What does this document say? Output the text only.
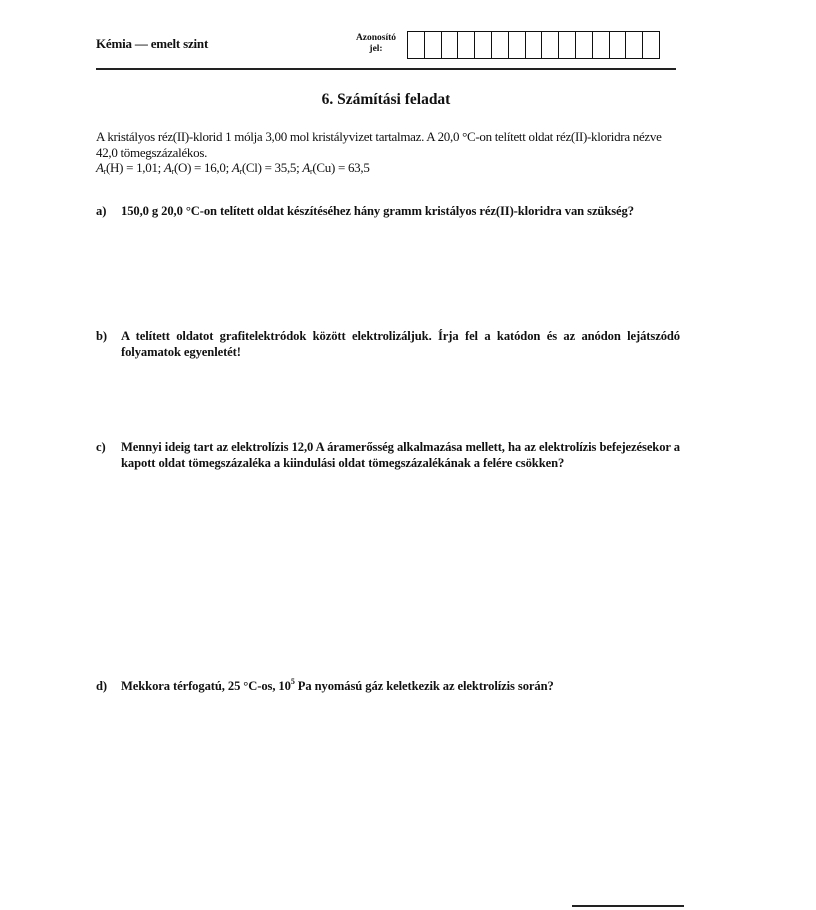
Kémia — emelt szint	Azonosító
jel:
6. Számítási feladat
A kristályos réz(II)-klorid 1 mólja 3,00 mol kristályvizet tartalmaz. A 20,0 °C-on telített oldat réz(II)-kloridra nézve 42,0 tömegszázalékos.
$A_r(H) = 1,01$; $A_r(O) = 16,0$; $A_r(Cl) = 35,5$; $A_r(Cu) = 63,5$
a)	150,0 g 20,0 °C-on telített oldat készítéséhez hány gramm kristályos réz(II)-kloridra van szükség?
b)	A telített oldatot grafitelektródok között elektrolizáljuk. Írja fel a katódon és az anódon lejátszódó folyamatok egyenletét!
c)	Mennyi ideig tart az elektrolízis 12,0 A áramerősség alkalmazása mellett, ha az elektrolízis befejezésekor a kapott oldat tömegszázaléka a kiindulási oldat tömegszázalékának a felére csökken?
d)	Mekkora térfogatú, 25 °C-os, $10^5$ Pa nyomású gáz keletkezik az elektrolízis során?
